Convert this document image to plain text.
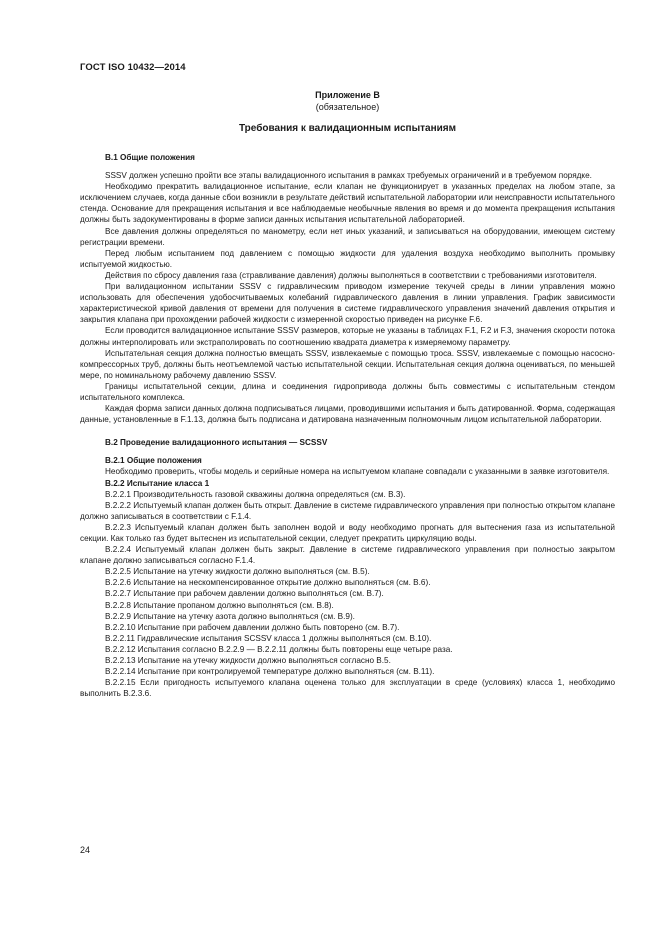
ГОСТ ISO 10432—2014
Приложение В
(обязательное)
Требования к валидационным испытаниям
В.1 Общие положения

SSSV должен успешно пройти все этапы валидационного испытания в рамках требуемых ограничений и в требуемом порядке.

Необходимо прекратить валидационное испытание, если клапан не функционирует в указанных пределах на любом этапе, за исключением случаев, когда данные сбои возникли в результате действий испытательной лаборатории или неисправности испытательного стенда. Основание для прекращения испытания и все наблюдаемые необычные явления во время и до момента прекращения испытания должны быть задокументированы в форме записи данных испытания испытательной лабораторией.

Все давления должны определяться по манометру, если нет иных указаний, и записываться на оборудовании, имеющем систему регистрации времени.

Перед любым испытанием под давлением с помощью жидкости для удаления воздуха необходимо выполнить промывку испытуемой жидкостью.

Действия по сбросу давления газа (стравливание давления) должны выполняться в соответствии с требованиями изготовителя.

При валидационном испытании SSSV с гидравлическим приводом измерение текучей среды в линии управления можно использовать для обеспечения удобосчитываемых колебаний гидравлического давления в линии управления. График зависимости характеристической кривой давления от времени для получения в системе гидравлического управления значений давления открытия и закрытия клапана при прохождении рабочей жидкости с измеренной скоростью приведен на рисунке F.6.

Если проводится валидационное испытание SSSV размеров, которые не указаны в таблицах F.1, F.2 и F.3, значения скорости потока должны интерполировать или экстраполировать по соотношению квадрата диаметра к измеряемому параметру.

Испытательная секция должна полностью вмещать SSSV, извлекаемые с помощью троса. SSSV, извлекаемые с помощью насосно-компрессорных труб, должны быть неотъемлемой частью испытательной секции. Испытательная секция должна оцениваться, по меньшей мере, по номинальному рабочему давлению SSSV.

Границы испытательной секции, длина и соединения гидропривода должны быть совместимы с испытательным стендом испытательного комплекса.

Каждая форма записи данных должна подписываться лицами, проводившими испытания и быть датированной. Форма, содержащая данные, установленные в F.1.13, должна быть подписана и датирована назначенным полномочным лицом испытательной лаборатории.

В.2 Проведение валидационного испытания — SCSSV
В.2.1 Общие положения

Необходимо проверить, чтобы модель и серийные номера на испытуемом клапане совпадали с указанными в заявке изготовителя.

В.2.2 Испытание класса 1

В.2.2.1 Производительность газовой скважины должна определяться (см. В.3).

В.2.2.2 Испытуемый клапан должен быть открыт. Давление в системе гидравлического управления при полностью открытом клапане должно записываться в соответствии с F.1.4.

В.2.2.3 Испытуемый клапан должен быть заполнен водой и воду необходимо прогнать для вытеснения газа из испытательной секции. Как только газ будет вытеснен из испытательной секции, следует прекратить циркуляцию воды.

В.2.2.4 Испытуемый клапан должен быть закрыт. Давление в системе гидравлического управления при полностью закрытом клапане должно записываться согласно F.1.4.

В.2.2.5 Испытание на утечку жидкости должно выполняться (см. В.5).

В.2.2.6 Испытание на нескомпенсированное открытие должно выполняться (см. В.6).

В.2.2.7 Испытание при рабочем давлении должно выполняться (см. В.7).

В.2.2.8 Испытание пропаном должно выполняться (см. В.8).

В.2.2.9 Испытание на утечку азота должно выполняться (см. В.9).

В.2.2.10 Испытание при рабочем давлении должно быть повторено (см. В.7).

В.2.2.11 Гидравлические испытания SCSSV класса 1 должны выполняться (см. В.10).

В.2.2.12 Испытания согласно В.2.2.9 — В.2.2.11 должны быть повторены еще четыре раза.

В.2.2.13 Испытание на утечку жидкости должно выполняться согласно В.5.

В.2.2.14 Испытание при контролируемой температуре должно выполняться (см. В.11).

В.2.2.15 Если пригодность испытуемого клапана оценена только для эксплуатации в среде (условиях) класса 1, необходимо выполнить В.2.3.6.

24
